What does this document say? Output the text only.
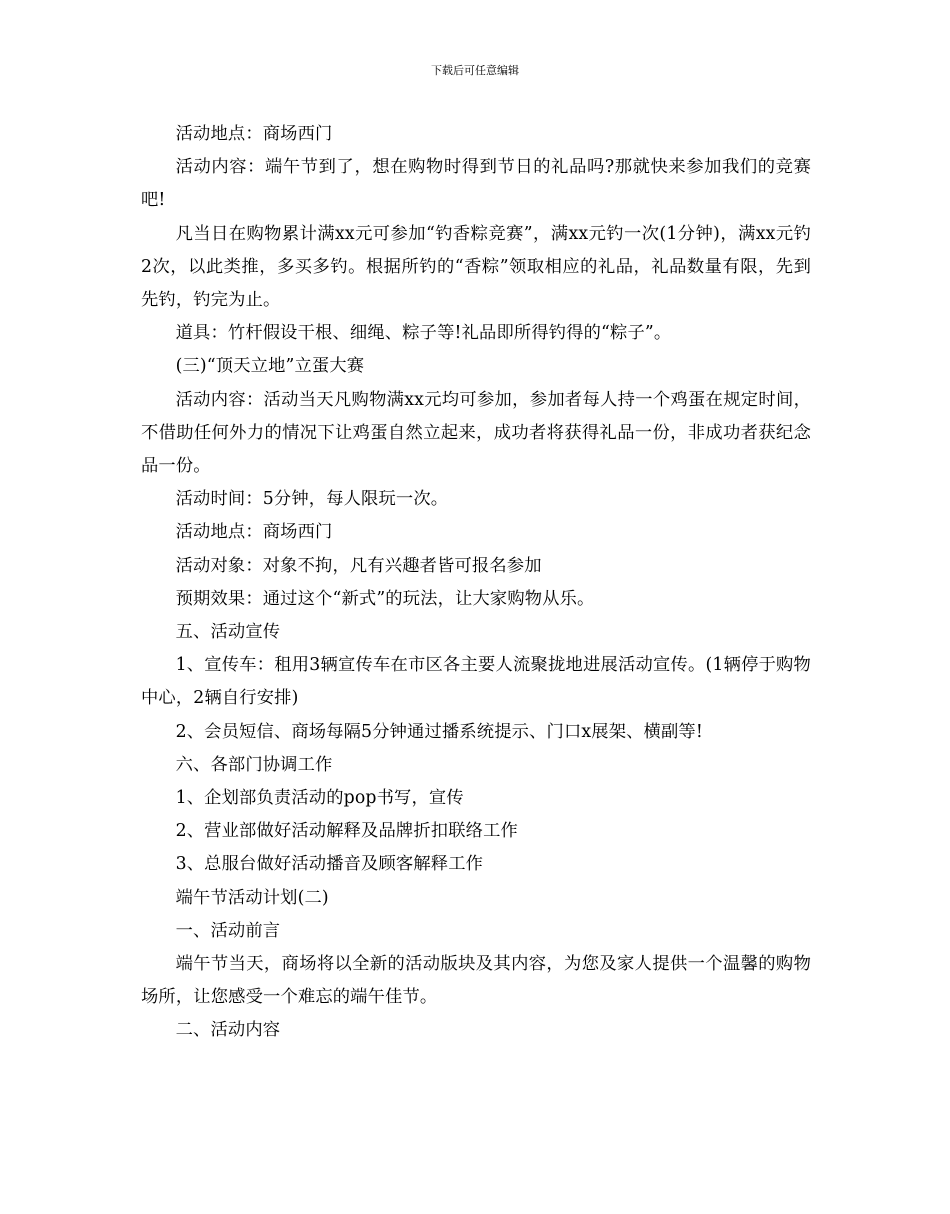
下载后可任意编辑

活动地点：商场西门

活动内容：端午节到了，想在购物时得到节日的礼品吗?那就快来参加我们的竞赛吧!

凡当日在购物累计满xx元可参加“钓香粽竞赛”，满xx元钓一次(1分钟)，满xx元钓2次，以此类推，多买多钓。根据所钓的“香粽”领取相应的礼品，礼品数量有限，先到先钓，钓完为止。

道具：竹杆假设干根、细绳、粽子等!礼品即所得钓得的“粽子”。

(三)“顶天立地”立蛋大赛

活动内容：活动当天凡购物满xx元均可参加，参加者每人持一个鸡蛋在规定时间，不借助任何外力的情况下让鸡蛋自然立起来，成功者将获得礼品一份，非成功者获纪念品一份。

活动时间：5分钟，每人限玩一次。

活动地点：商场西门

活动对象：对象不拘，凡有兴趣者皆可报名参加

预期效果：通过这个“新式”的玩法，让大家购物从乐。

五、活动宣传

1、宣传车：租用3辆宣传车在市区各主要人流聚拢地进展活动宣传。(1辆停于购物中心，2辆自行安排)

2、会员短信、商场每隔5分钟通过播系统提示、门口x展架、横副等!

六、各部门协调工作

1、企划部负责活动的pop书写，宣传

2、营业部做好活动解释及品牌折扣联络工作

3、总服台做好活动播音及顾客解释工作

端午节活动计划(二)

一、活动前言

端午节当天，商场将以全新的活动版块及其内容，为您及家人提供一个温馨的购物场所，让您感受一个难忘的端午佳节。

二、活动内容
